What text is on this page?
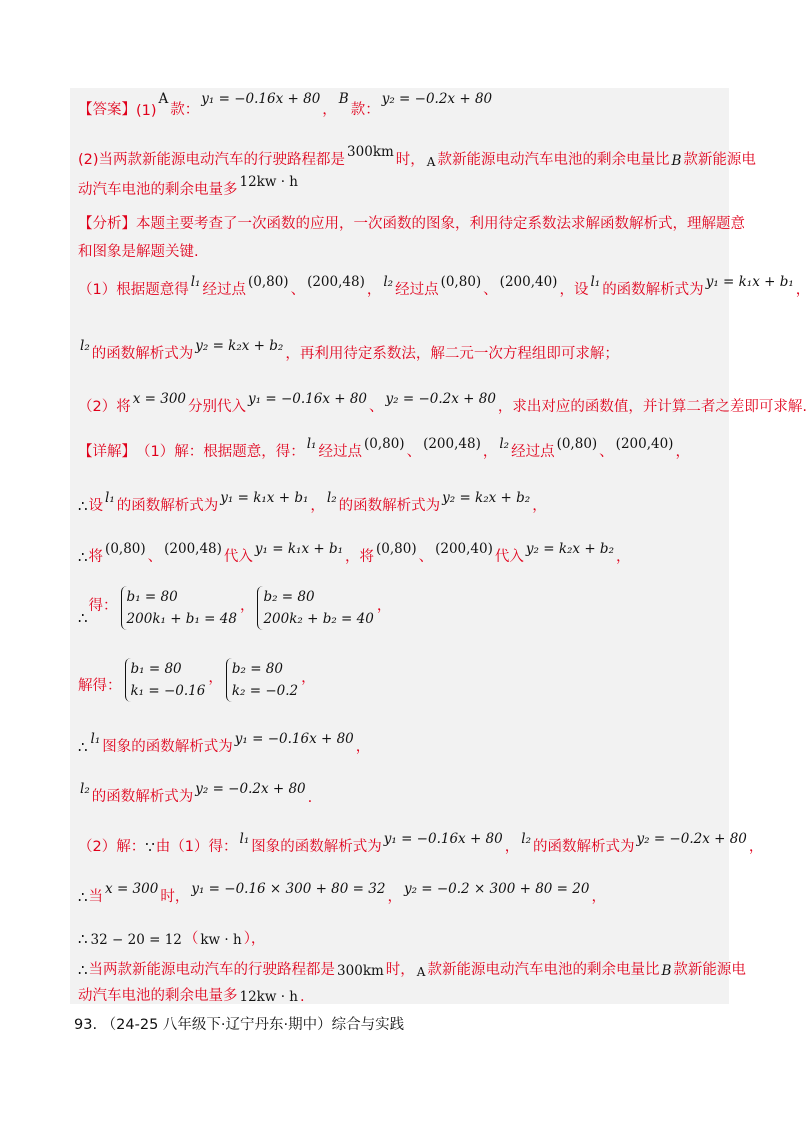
【答案】 (1)
A
款：
y₁ = −0.16x + 80
，
B
款：
y₂ = −0.2x + 80
(2)当两款新能源电动汽车的行驶路程都是 300km 时， A 款新能源电动汽车电池的剩余电量比 B 款新能源电
动汽车电池的剩余电量多 12kw · h
【分析】 本题主要考查了一次函数的应用，一次函数的图象，利用待定系数法求解函数解析式，理解题意
和图象是解题关键.
（1）根据题意得 l₁ 经过点 (0,80) 、 (200,48) ， l₂ 经过点 (0,80) 、 (200,40) ，设 l₁ 的函数解析式为 y₁ = k₁x + b₁ ，
l₂ 的函数解析式为 y₂ = k₂x + b₂ ，再利用待定系数法，解二元一次方程组即可求解；
（2）将 x = 300 分别代入 y₁ = −0.16x + 80 、 y₂ = −0.2x + 80 ，求出对应的函数值，并计算二者之差即可求解.
【详解】 （1）解：根据题意，得： l₁ 经过点 (0,80) 、 (200,48) ， l₂ 经过点 (0,80) 、 (200,40) ，
∴ 设 l₁ 的函数解析式为 y₁ = k₁x + b₁ ， l₂ 的函数解析式为 y₂ = k₂x + b₂ ，
∴ 将 (0,80) 、 (200,48) 代入 y₁ = k₁x + b₁ ，将 (0,80) 、 (200,40) 代入 y₂ = k₂x + b₂ ，
∴
得：
b₁ = 80
200k₁ + b₁ = 48
，
b₂ = 80
200k₂ + b₂ = 40
，
解得：
b₁ = 80
k₁ = −0.16
，
b₂ = 80
k₂ = −0.2
，
∴ l₁ 图象的函数解析式为 y₁ = −0.16x + 80 ，
l₂ 的函数解析式为 y₂ = −0.2x + 80
.
（2）解： ∵ 由（1）得： l₁ 图象的函数解析式为 y₁ = −0.16x + 80 ， l₂ 的函数解析式为 y₂ = −0.2x + 80 ，
∴ 当 x = 300 时， y₁ = −0.16 × 300 + 80 = 32 ， y₂ = −0.2 × 300 + 80 = 20 ，
∴ 32 − 20 = 12 （ kw · h ），
∴ 当两款新能源电动汽车的行驶路程都是 300km 时， A 款新能源电动汽车电池的剩余电量比 B 款新能源电
动汽车电池的剩余电量多 12kw · h .
93. （24-25 八年级下·辽宁丹东·期中）综合与实践
